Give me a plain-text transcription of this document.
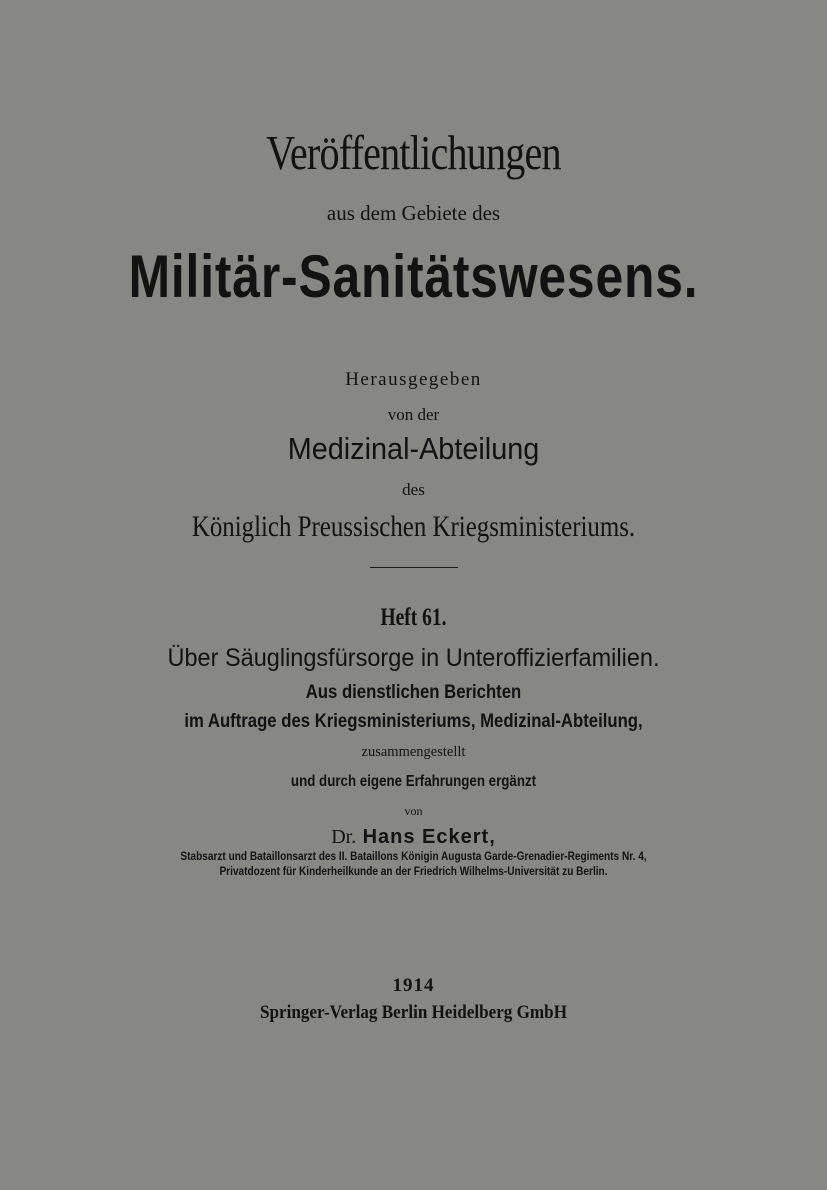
Veröffentlichungen
aus dem Gebiete des
Militär-Sanitätswesens.
Herausgegeben
von der
Medizinal-Abteilung
des
Königlich Preussischen Kriegsministeriums.
Heft 61.
Über Säuglingsfürsorge in Unteroffizierfamilien.
Aus dienstlichen Berichten
im Auftrage des Kriegsministeriums, Medizinal-Abteilung,
zusammengestellt
und durch eigene Erfahrungen ergänzt
von
Dr. Hans Eckert,
Stabsarzt und Bataillonsarzt des II. Bataillons Königin Augusta Garde-Grenadier-Regiments Nr. 4,
Privatdozent für Kinderheilkunde an der Friedrich Wilhelms-Universität zu Berlin.
1914
Springer-Verlag Berlin Heidelberg GmbH
